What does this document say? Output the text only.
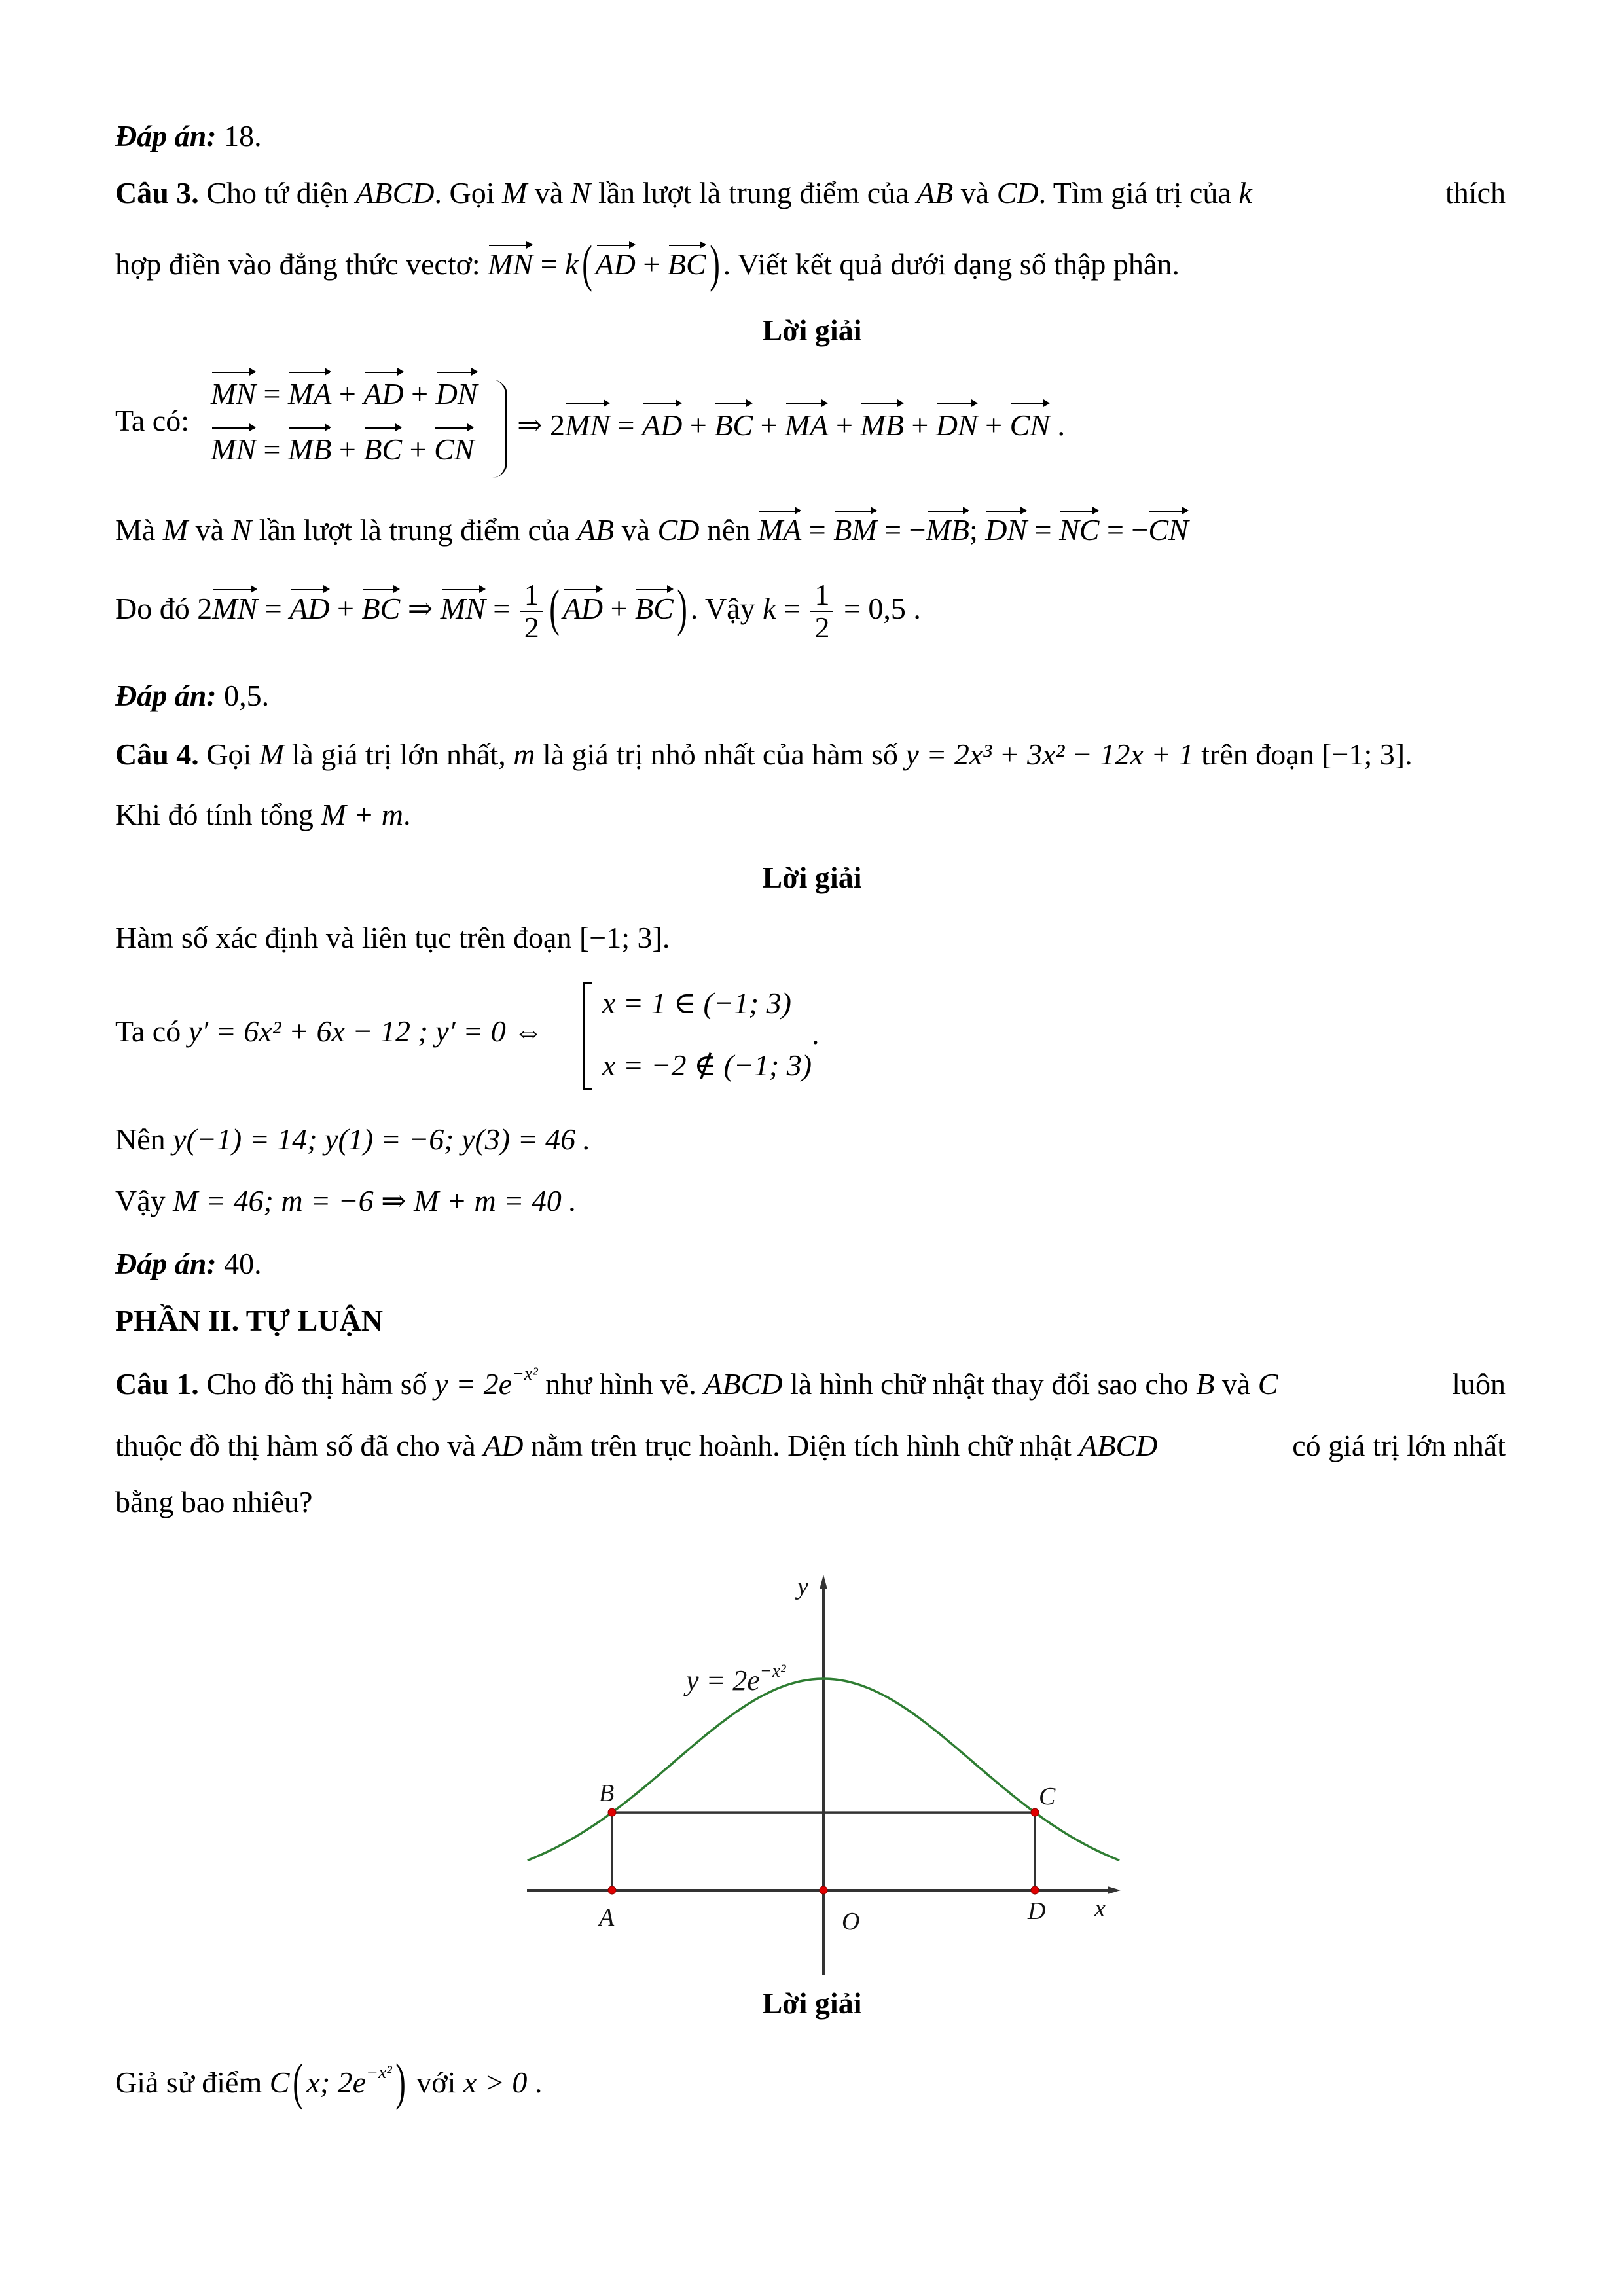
Đáp án: 18.
Câu 3. Cho tứ diện ABCD. Gọi M và N lần lượt là trung điểm của AB và CD. Tìm giá trị của k	thích
hợp điền vào đẳng thức vectơ: MN = k( AD + BC) . Viết kết quả dưới dạng số thập phân.
Lời giải
Ta có:
MN = MA + AD + DN
MN = MB + BC + CN
⇒ 2MN = AD + BC + MA + MB + DN + CN .
Mà M và N lần lượt là trung điểm của AB và CD nên MA = BM = −MB; DN = NC = −CN
Do đó 2MN = AD + BC ⇒ MN = $\frac{1}{2}$ ( AD + BC) . Vậy $k = \frac{1}{2} = 0,5$ .
Đáp án: 0,5.
Câu 4. Gọi M là giá trị lớn nhất, m là giá trị nhỏ nhất của hàm số y = 2x³ + 3x² − 12x + 1 trên đoạn [−1; 3].
Khi đó tính tổng M + m.
Lời giải
Hàm số xác định và liên tục trên đoạn [−1; 3].
Ta có y′ = 6x² + 6x − 12 ; y′ = 0 ⇔
x = 1 ∈ (−1; 3)
x = −2 ∉ (−1; 3)
.
Nên y(−1) = 14; y(1) = −6; y(3) = 46 .
Vậy M = 46; m = −6 ⇒ M + m = 40 .
Đáp án: 40.
PHẦN II. TỰ LUẬN
Câu 1. Cho đồ thị hàm số $y = 2e^{-x^2}$ như hình vẽ. ABCD là hình chữ nhật thay đổi sao cho B và C	luôn
thuộc đồ thị hàm số đã cho và AD nằm trên trục hoành. Diện tích hình chữ nhật ABCD	có giá trị lớn nhất
bằng bao nhiêu?
A
B	C
D
O	x
y
$y = 2e^{-x^2}$
Lời giải
Giả sử điểm C( x; $2e^{-x^2}$) với x > 0 .
